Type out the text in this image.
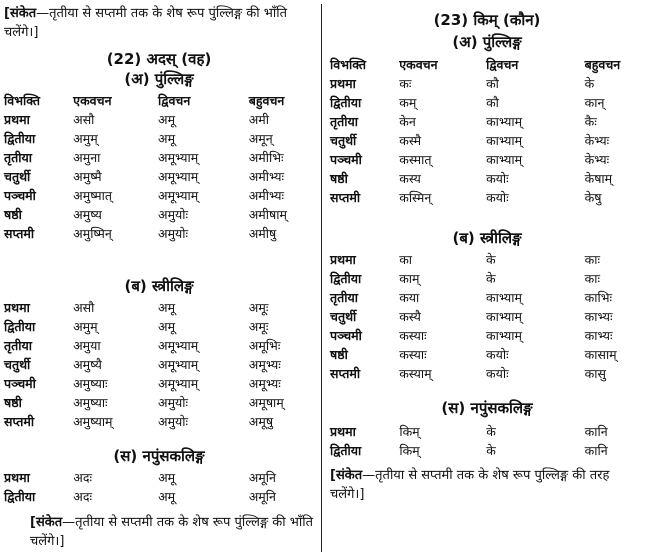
[संकेत—तृतीया से सप्तमी तक के शेष रूप पुंल्लिङ्ग की भाँति चलेंगे।]
(22) अदस् (वह)
(अ) पुंल्लिङ्ग
विभक्ति	एकवचन	द्विवचन	बहुवचन
प्रथमा	असौ	अमू	अमी
द्वितीया	अमुम्	अमू	अमून्
तृतीया	अमुना	अमूभ्याम्	अमीभिः
चतुर्थी	अमुष्मै	अमूभ्याम्	अमीभ्यः
पञ्चमी	अमुष्मात्	अमूभ्याम्	अमीभ्यः
षष्ठी	अमुष्य	अमुयोः	अमीषाम्
सप्तमी	अमुष्मिन्	अमुयोः	अमीषु
(ब) स्त्रीलिङ्ग
प्रथमा	असौ	अमू	अमूः
द्वितीया	अमुम्	अमू	अमूः
तृतीया	अमुया	अमूभ्याम्	अमूभिः
चतुर्थी	अमुष्यै	अमूभ्याम्	अमूभ्यः
पञ्चमी	अमुष्याः	अमूभ्याम्	अमूभ्यः
षष्ठी	अमुष्याः	अमुयोः	अमूषाम्
सप्तमी	अमुष्याम्	अमुयोः	अमूषु
(स) नपुंसकलिङ्ग
प्रथमा	अदः	अमू	अमूनि
द्वितीया	अदः	अमू	अमूनि
[संकेत—तृतीया से सप्तमी तक के शेष रूप पुंल्लिङ्ग की भाँति चलेंगे।]
(23) किम् (कौन)
(अ) पुंल्लिङ्ग
विभक्ति	एकवचन	द्विवचन	बहुवचन
प्रथमा	कः	कौ	के
द्वितीया	कम्	कौ	कान्
तृतीया	केन	काभ्याम्	कैः
चतुर्थी	कस्मै	काभ्याम्	केभ्यः
पञ्चमी	कस्मात्	काभ्याम्	केभ्यः
षष्ठी	कस्य	कयोः	केषाम्
सप्तमी	कस्मिन्	कयोः	केषु
(ब) स्त्रीलिङ्ग
प्रथमा	का	के	काः
द्वितीया	काम्	के	काः
तृतीया	कया	काभ्याम्	काभिः
चतुर्थी	कस्यै	काभ्याम्	काभ्यः
पञ्चमी	कस्याः	काभ्याम्	काभ्यः
षष्ठी	कस्याः	कयोः	कासाम्
सप्तमी	कस्याम्	कयोः	कासु
(स) नपुंसकलिङ्ग
प्रथमा	किम्	के	कानि
द्वितीया	किम्	के	कानि
[संकेत—तृतीया से सप्तमी तक के शेष रूप पुल्लिङ्ग की तरह चलेंगे।]
